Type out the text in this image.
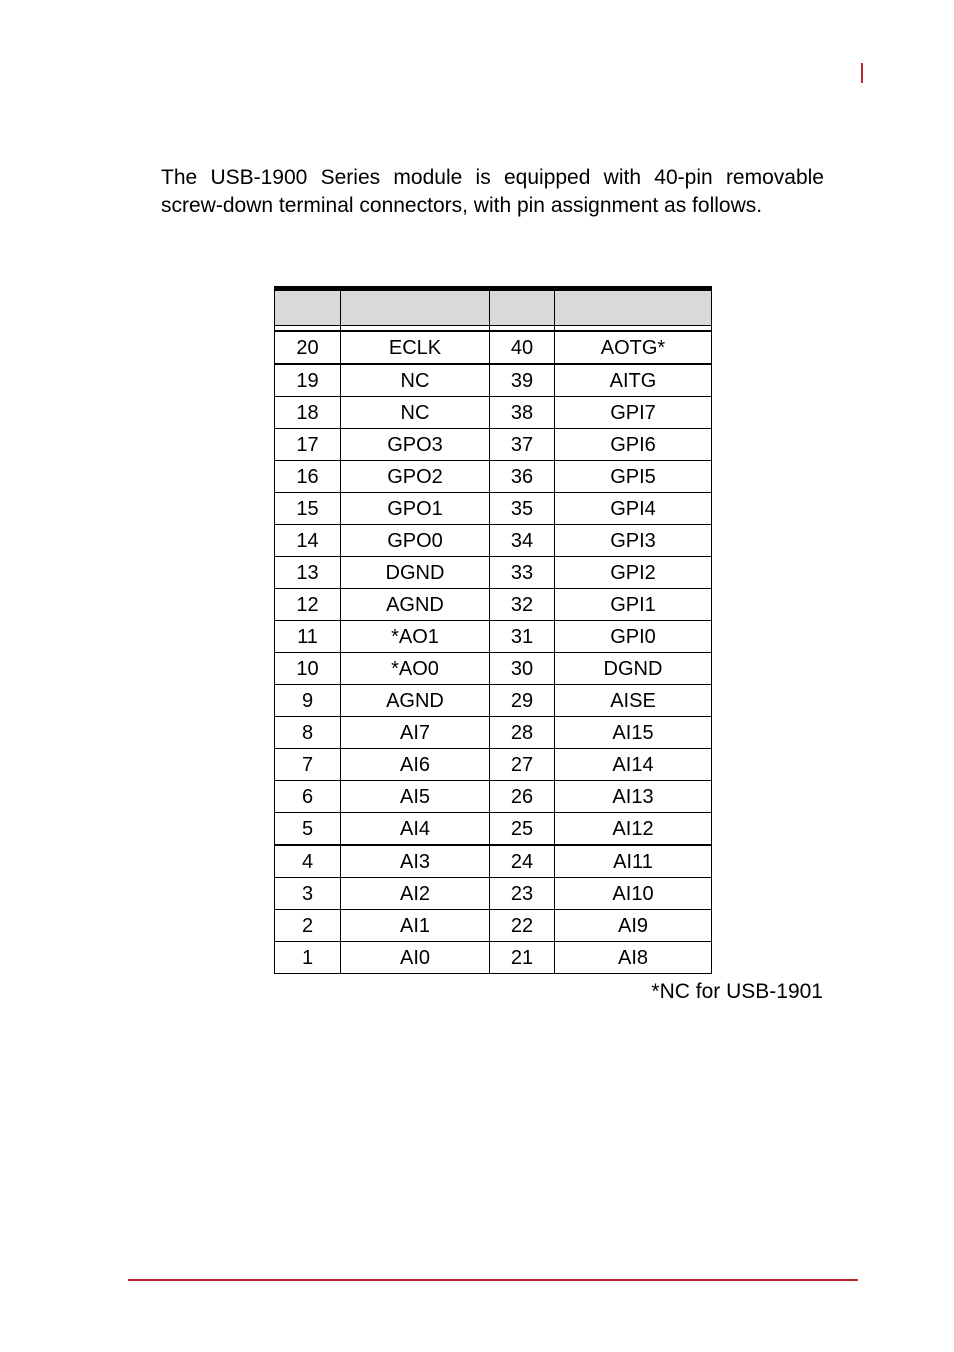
The USB-1900 Series module is equipped with 40-pin removable screw-down terminal connectors, with pin assignment as follows.

20	ECLK	40	AOTG*
19	NC	39	AITG
18	NC	38	GPI7
17	GPO3	37	GPI6
16	GPO2	36	GPI5
15	GPO1	35	GPI4
14	GPO0	34	GPI3
13	DGND	33	GPI2
12	AGND	32	GPI1
11	*AO1	31	GPI0
10	*AO0	30	DGND
9	AGND	29	AISE
8	AI7	28	AI15
7	AI6	27	AI14
6	AI5	26	AI13
5	AI4	25	AI12
4	AI3	24	AI11
3	AI2	23	AI10
2	AI1	22	AI9
1	AI0	21	AI8
*NC for USB-1901
